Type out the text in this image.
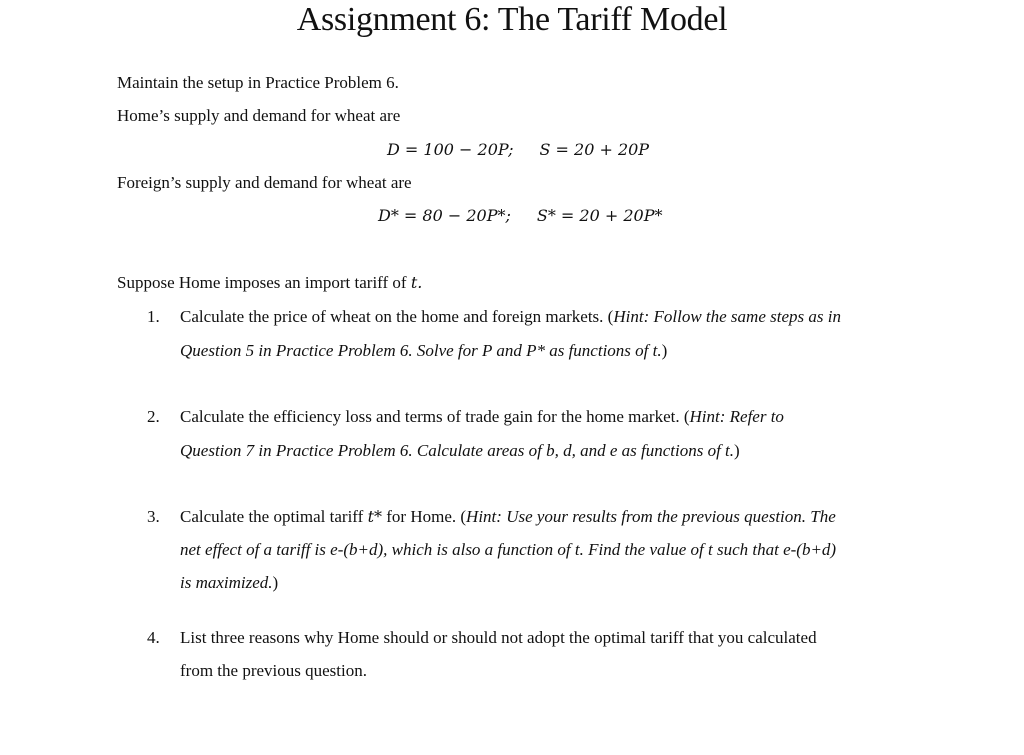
Assignment 6: The Tariff Model
Maintain the setup in Practice Problem 6.
Home’s supply and demand for wheat are
D = 100 − 20P; S = 20 + 20P
Foreign’s supply and demand for wheat are
D* = 80 − 20P*; S* = 20 + 20P*
Suppose Home imposes an import tariff of t.
1. Calculate the price of wheat on the home and foreign markets. (Hint: Follow the same steps as in
Question 5 in Practice Problem 6. Solve for P and P* as functions of t.)
2. Calculate the efficiency loss and terms of trade gain for the home market. (Hint: Refer to
Question 7 in Practice Problem 6. Calculate areas of b, d, and e as functions of t.)
3. Calculate the optimal tariff t* for Home. (Hint: Use your results from the previous question. The
net effect of a tariff is e-(b+d), which is also a function of t. Find the value of t such that e-(b+d)
is maximized.)
4. List three reasons why Home should or should not adopt the optimal tariff that you calculated
from the previous question.
